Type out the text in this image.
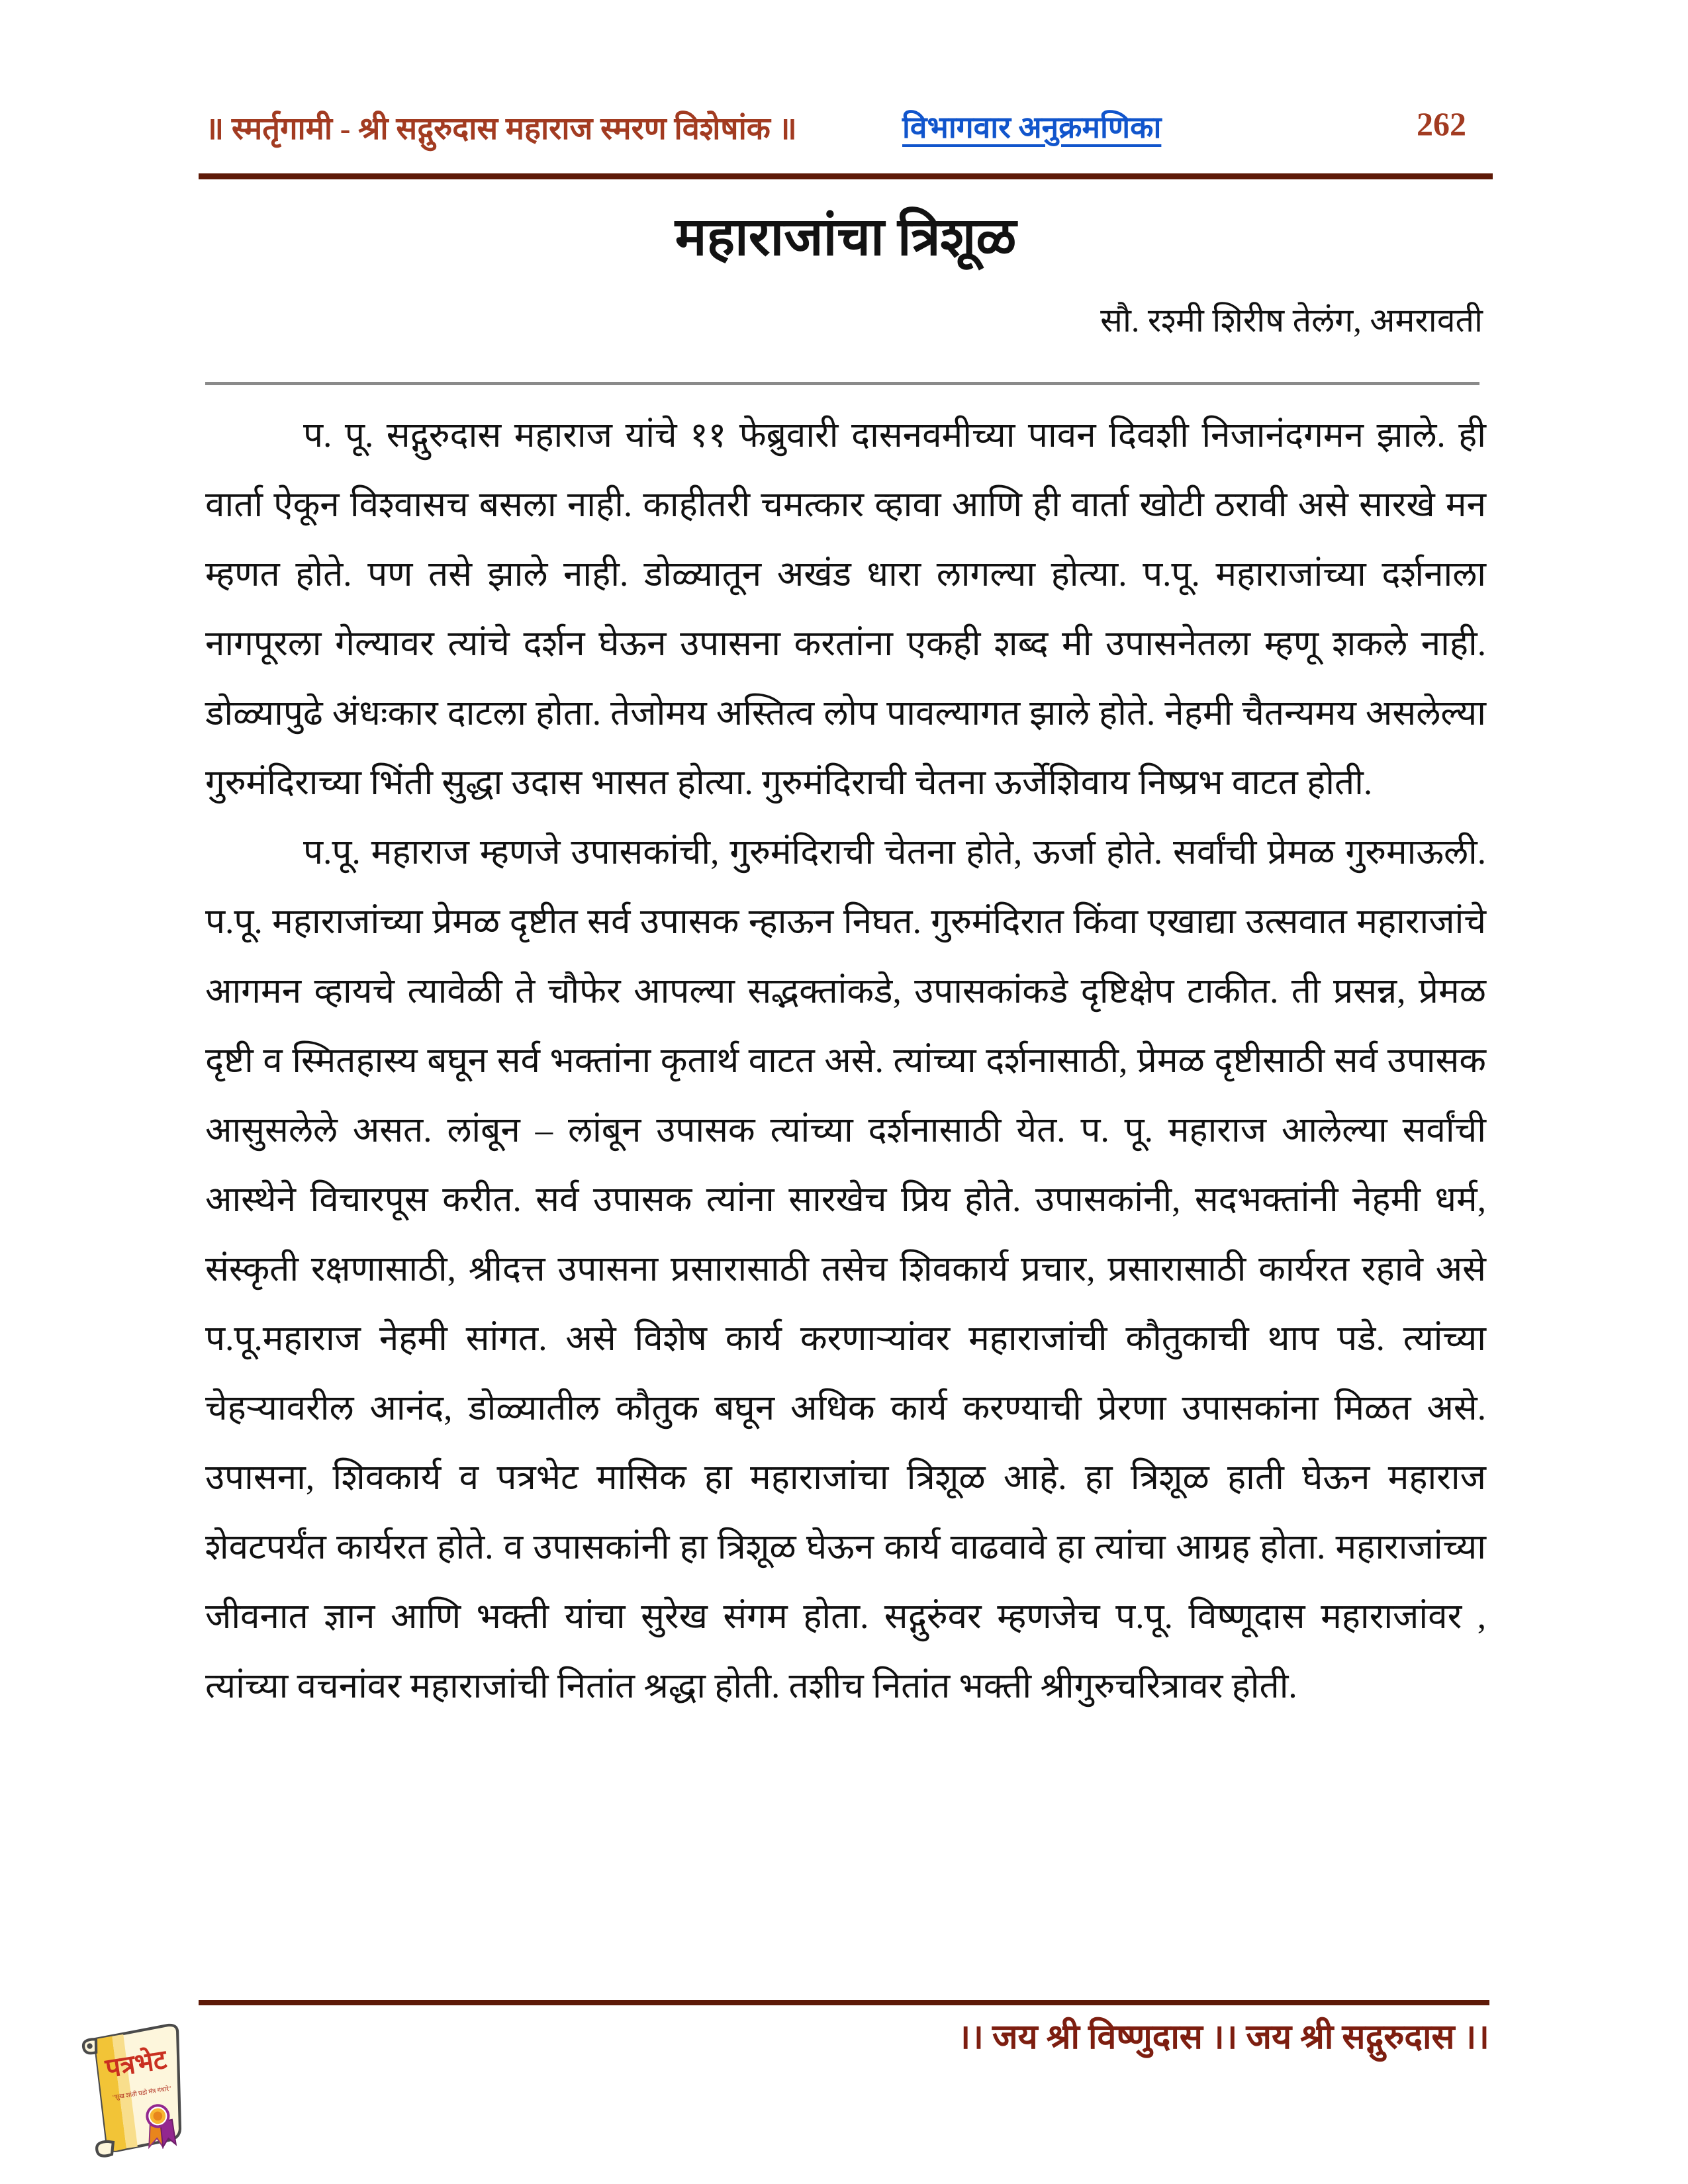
॥ स्मर्तृगामी - श्री सद्गुरुदास महाराज स्मरण विशेषांक ॥	विभागवार अनुक्रमणिका	262
महाराजांचा त्रिशूळ
सौ. रश्मी शिरीष तेलंग, अमरावती

प. पू. सद्गुरुदास महाराज यांचे ११ फेब्रुवारी दासनवमीच्या पावन दिवशी निजानंदगमन झाले. ही वार्ता ऐकून विश्वासच बसला नाही. काहीतरी चमत्कार व्हावा आणि ही वार्ता खोटी ठरावी असे सारखे मन म्हणत होते. पण तसे झाले नाही. डोळ्यातून अखंड धारा लागल्या होत्या. प.पू. महाराजांच्या दर्शनाला नागपूरला गेल्यावर त्यांचे दर्शन घेऊन उपासना करतांना एकही शब्द मी उपासनेतला म्हणू शकले नाही. डोळ्यापुढे अंधःकार दाटला होता. तेजोमय अस्तित्व लोप पावल्यागत झाले होते. नेहमी चैतन्यमय असलेल्या गुरुमंदिराच्या भिंती सुद्धा उदास भासत होत्या. गुरुमंदिराची चेतना ऊर्जेशिवाय निष्प्रभ वाटत होती.

प.पू. महाराज म्हणजे उपासकांची, गुरुमंदिराची चेतना होते, ऊर्जा होते. सर्वांची प्रेमळ गुरुमाऊली. प.पू. महाराजांच्या प्रेमळ दृष्टीत सर्व उपासक न्हाऊन निघत. गुरुमंदिरात किंवा एखाद्या उत्सवात महाराजांचे आगमन व्हायचे त्यावेळी ते चौफेर आपल्या सद्भक्तांकडे, उपासकांकडे दृष्टिक्षेप टाकीत. ती प्रसन्न, प्रेमळ दृष्टी व स्मितहास्य बघून सर्व भक्तांना कृतार्थ वाटत असे. त्यांच्या दर्शनासाठी, प्रेमळ दृष्टीसाठी सर्व उपासक आसुसलेले असत. लांबून – लांबून उपासक त्यांच्या दर्शनासाठी येत. प. पू. महाराज आलेल्या सर्वांची आस्थेने विचारपूस करीत. सर्व उपासक त्यांना सारखेच प्रिय होते. उपासकांनी, सदभक्तांनी नेहमी धर्म, संस्कृती रक्षणासाठी, श्रीदत्त उपासना प्रसारासाठी तसेच शिवकार्य प्रचार, प्रसारासाठी कार्यरत रहावे असे प.पू.महाराज नेहमी सांगत. असे विशेष कार्य करणाऱ्यांवर महाराजांची कौतुकाची थाप पडे. त्यांच्या चेहऱ्यावरील आनंद, डोळ्यातील कौतुक बघून अधिक कार्य करण्याची प्रेरणा उपासकांना मिळत असे. उपासना, शिवकार्य व पत्रभेट मासिक हा महाराजांचा त्रिशूळ आहे. हा त्रिशूळ हाती घेऊन महाराज शेवटपर्यंत कार्यरत होते. व उपासकांनी हा त्रिशूळ घेऊन कार्य वाढवावे हा त्यांचा आग्रह होता. महाराजांच्या जीवनात ज्ञान आणि भक्ती यांचा सुरेख संगम होता. सद्गुरुंवर म्हणजेच प.पू. विष्णूदास महाराजांवर , त्यांच्या वचनांवर महाराजांची नितांत श्रद्धा होती. तशीच नितांत भक्ती श्रीगुरुचरित्रावर होती.

।। जय श्री विष्णुदास ।। जय श्री सद्गुरुदास ।।
पत्रभेट
"सुख शांती घडो मंत्र गंधारे"
